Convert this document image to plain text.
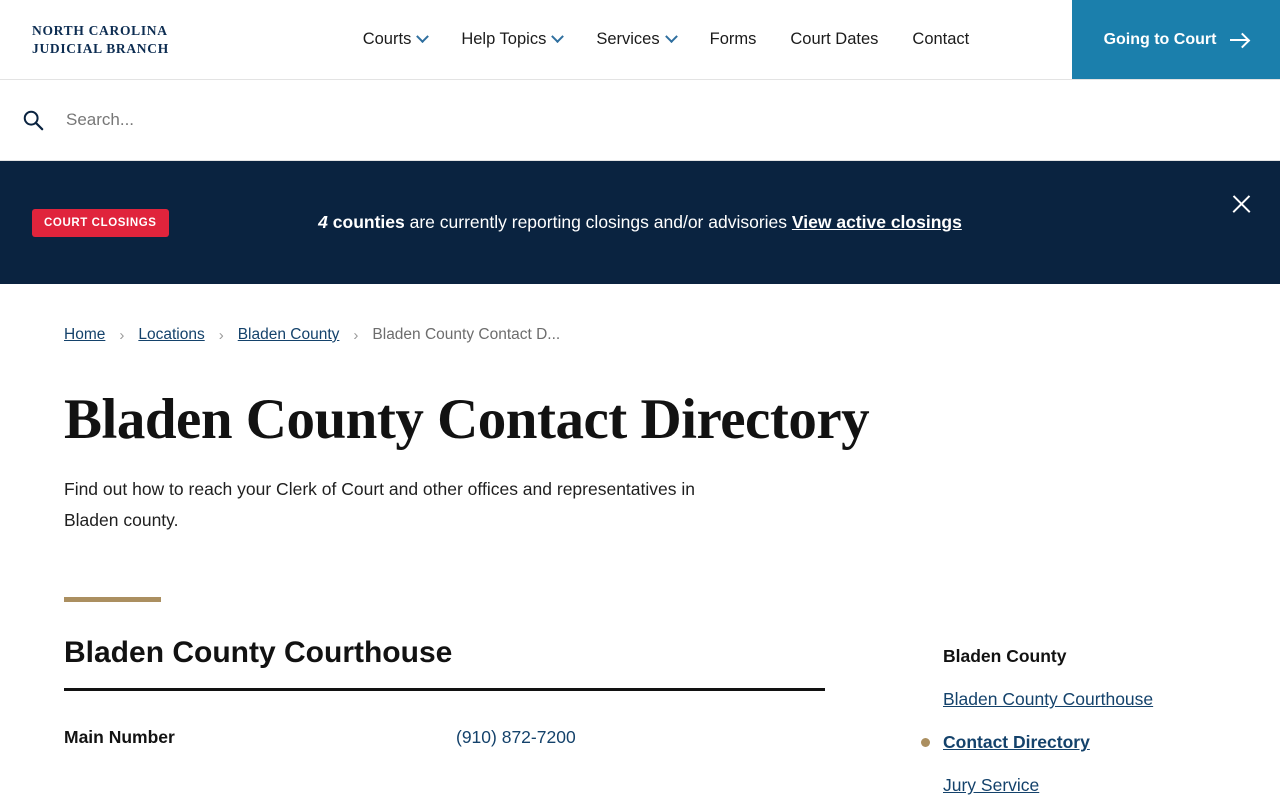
NORTH CAROLINA
JUDICIAL BRANCH	Courts	Help Topics	Services	Forms Court Dates Contact	Going to Court
Search...
COURT CLOSINGS	4 counties are currently reporting closings and/or advisories View active closings
Home › Locations › Bladen County › Bladen County Contact D...
Bladen County Contact Directory

Find out how to reach your Clerk of Court and other offices and representatives in Bladen county.

Bladen County Courthouse
Main Number	(910) 872-7200
Bladen County
Bladen County Courthouse
Contact Directory
Jury Service
